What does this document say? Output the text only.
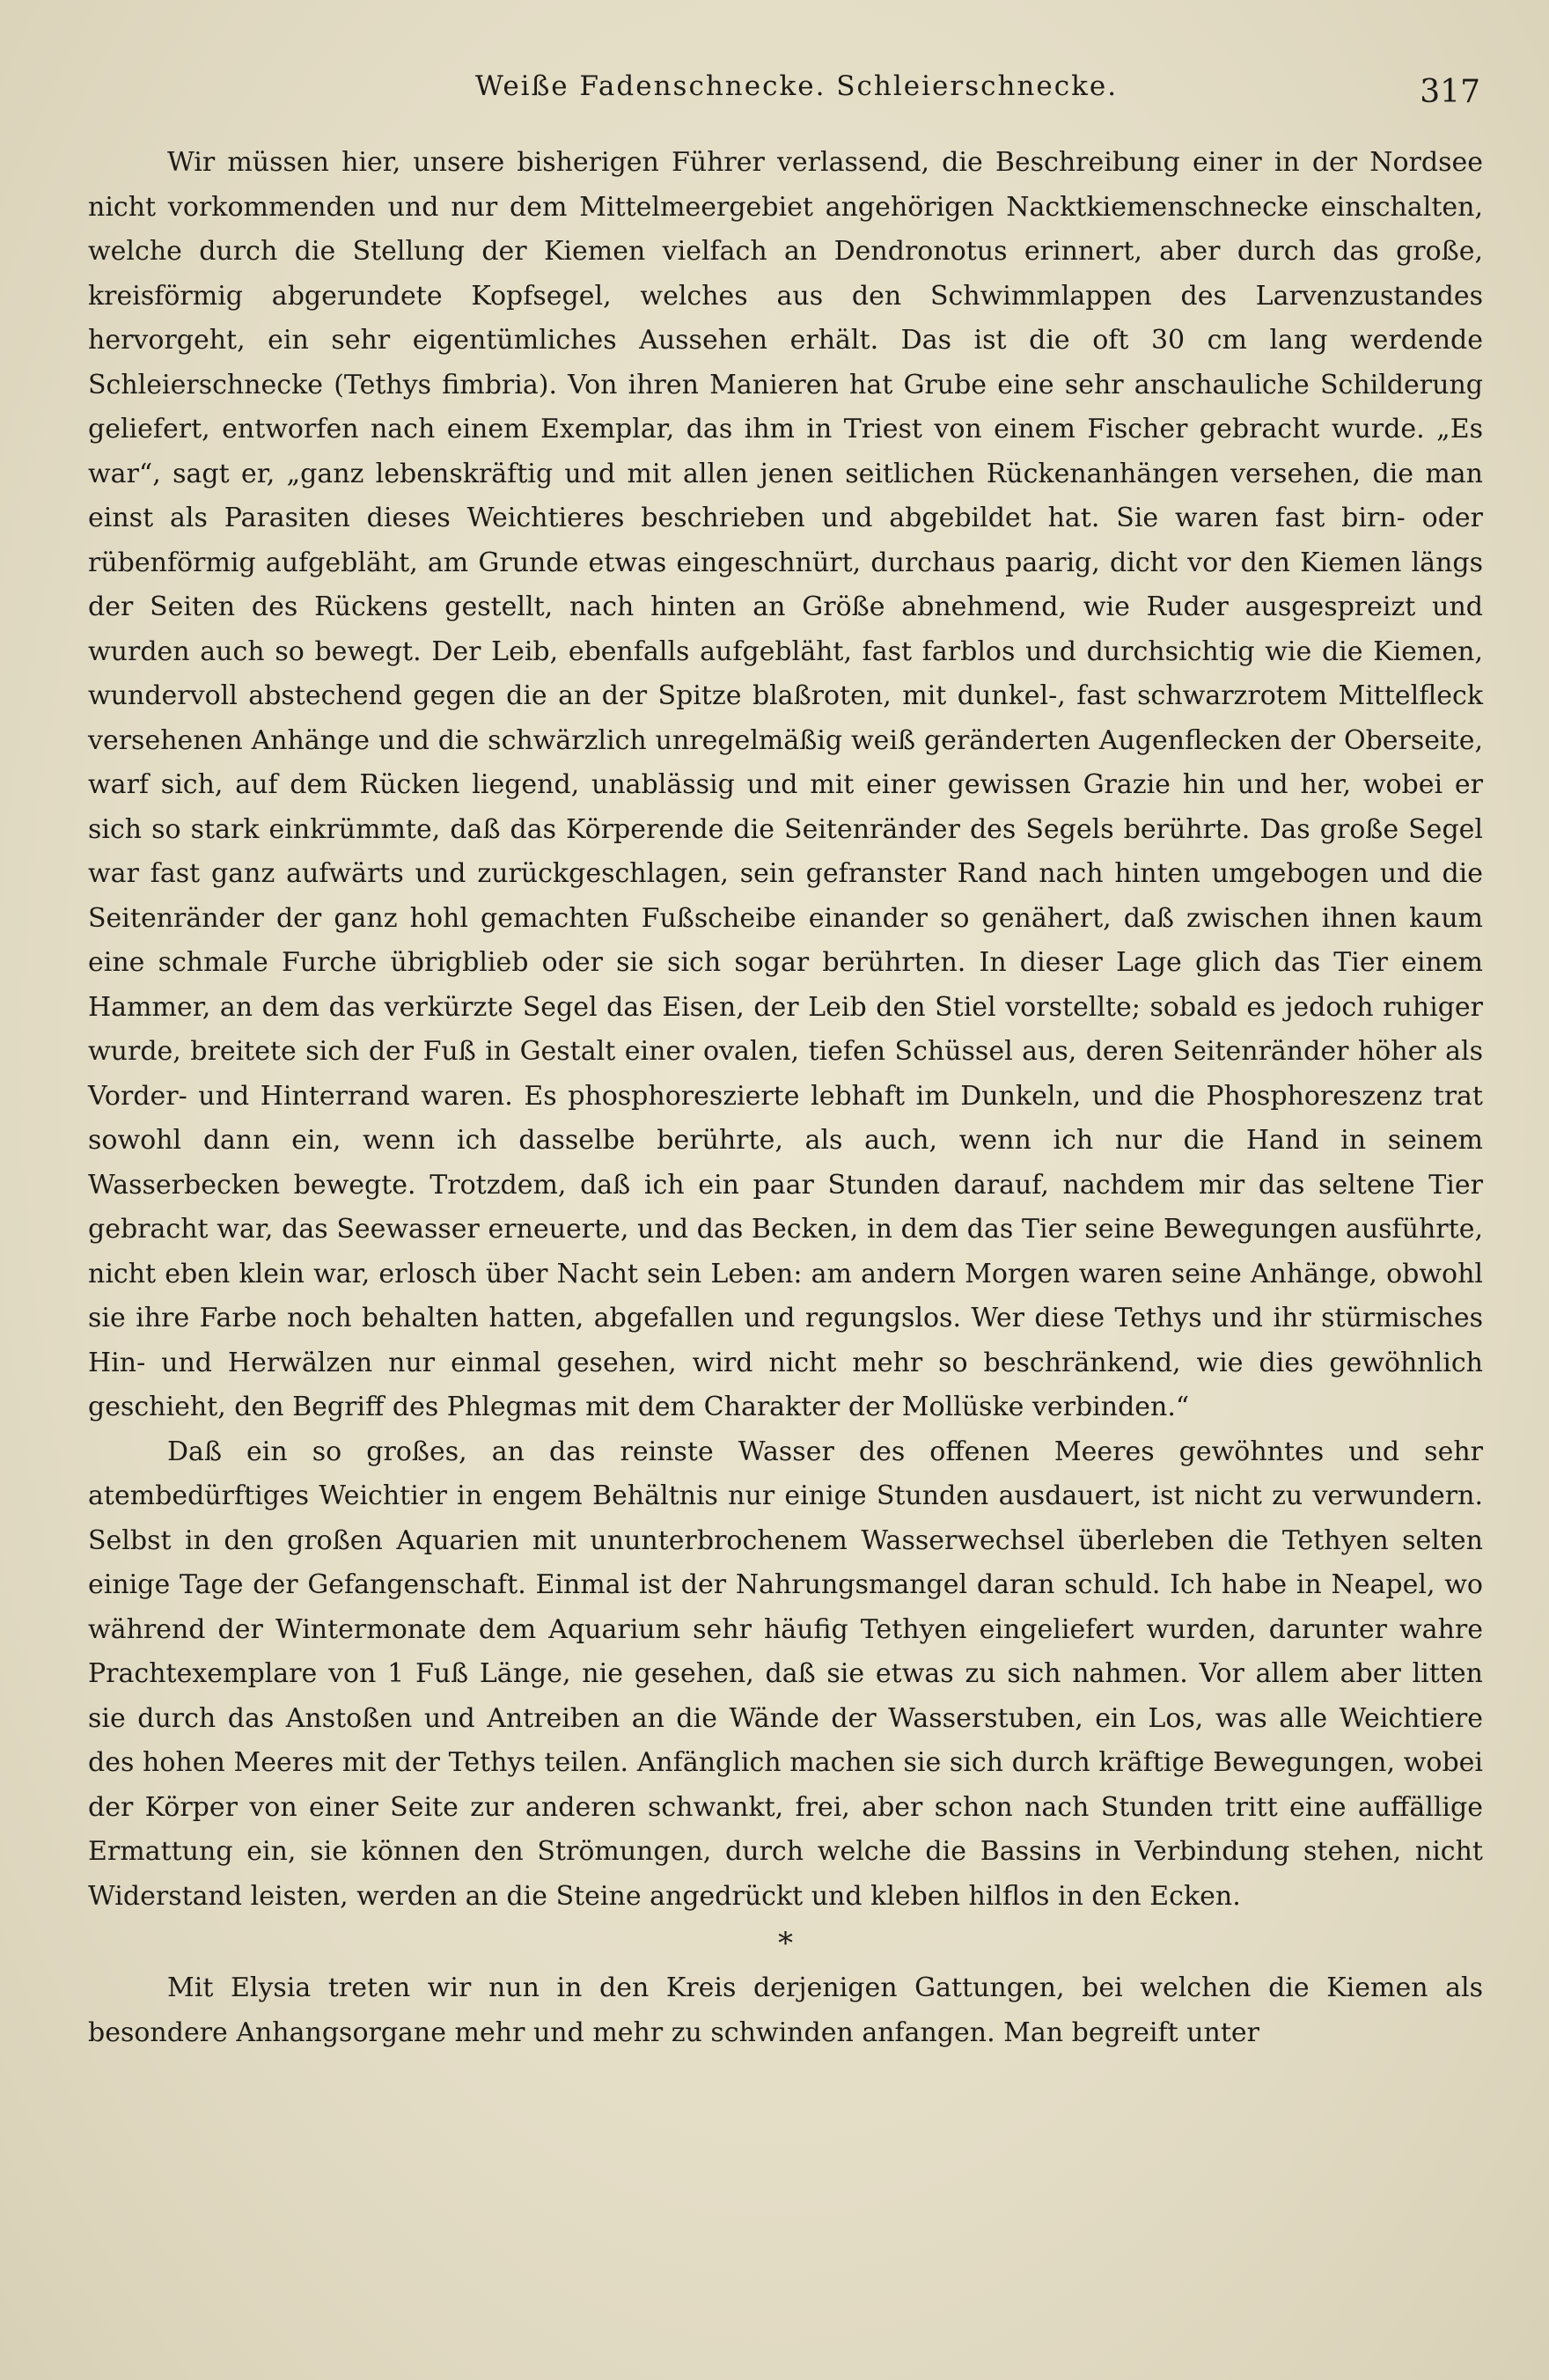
Weiße Fadenschnecke. Schleierschnecke.	317

Wir müssen hier, unsere bisherigen Führer verlassend, die Beschreibung einer in der Nordsee nicht vorkommenden und nur dem Mittelmeergebiet angehörigen Nacktkiemenschnecke einschalten, welche durch die Stellung der Kiemen vielfach an Dendronotus erinnert, aber durch das große, kreisförmig abgerundete Kopfsegel, welches aus den Schwimmlappen des Larvenzustandes hervorgeht, ein sehr eigentümliches Aussehen erhält. Das ist die oft 30 cm lang werdende Schleierschnecke (Tethys fimbria). Von ihren Manieren hat Grube eine sehr anschauliche Schilderung geliefert, entworfen nach einem Exemplar, das ihm in Triest von einem Fischer gebracht wurde. „Es war“, sagt er, „ganz lebenskräftig und mit allen jenen seitlichen Rückenanhängen versehen, die man einst als Parasiten dieses Weichtieres beschrieben und abgebildet hat. Sie waren fast birn- oder rübenförmig aufgebläht, am Grunde etwas eingeschnürt, durchaus paarig, dicht vor den Kiemen längs der Seiten des Rückens gestellt, nach hinten an Größe abnehmend, wie Ruder ausgespreizt und wurden auch so bewegt. Der Leib, ebenfalls aufgebläht, fast farblos und durchsichtig wie die Kiemen, wundervoll abstechend gegen die an der Spitze blaßroten, mit dunkel-, fast schwarzrotem Mittelfleck versehenen Anhänge und die schwärzlich unregelmäßig weiß geränderten Augenflecken der Oberseite, warf sich, auf dem Rücken liegend, unablässig und mit einer gewissen Grazie hin und her, wobei er sich so stark einkrümmte, daß das Körperende die Seitenränder des Segels berührte. Das große Segel war fast ganz aufwärts und zurückgeschlagen, sein gefranster Rand nach hinten umgebogen und die Seitenränder der ganz hohl gemachten Fußscheibe einander so genähert, daß zwischen ihnen kaum eine schmale Furche übrigblieb oder sie sich sogar berührten. In dieser Lage glich das Tier einem Hammer, an dem das verkürzte Segel das Eisen, der Leib den Stiel vorstellte; sobald es jedoch ruhiger wurde, breitete sich der Fuß in Gestalt einer ovalen, tiefen Schüssel aus, deren Seitenränder höher als Vorder- und Hinterrand waren. Es phosphoreszierte lebhaft im Dunkeln, und die Phosphoreszenz trat sowohl dann ein, wenn ich dasselbe berührte, als auch, wenn ich nur die Hand in seinem Wasserbecken bewegte. Trotzdem, daß ich ein paar Stunden darauf, nachdem mir das seltene Tier gebracht war, das Seewasser erneuerte, und das Becken, in dem das Tier seine Bewegungen ausführte, nicht eben klein war, erlosch über Nacht sein Leben: am andern Morgen waren seine Anhänge, obwohl sie ihre Farbe noch behalten hatten, abgefallen und regungslos. Wer diese Tethys und ihr stürmisches Hin- und Herwälzen nur einmal gesehen, wird nicht mehr so beschränkend, wie dies gewöhnlich geschieht, den Begriff des Phlegmas mit dem Charakter der Mollüske verbinden.“

Daß ein so großes, an das reinste Wasser des offenen Meeres gewöhntes und sehr atembedürftiges Weichtier in engem Behältnis nur einige Stunden ausdauert, ist nicht zu verwundern. Selbst in den großen Aquarien mit ununterbrochenem Wasserwechsel überleben die Tethyen selten einige Tage der Gefangenschaft. Einmal ist der Nahrungsmangel daran schuld. Ich habe in Neapel, wo während der Wintermonate dem Aquarium sehr häufig Tethyen eingeliefert wurden, darunter wahre Prachtexemplare von 1 Fuß Länge, nie gesehen, daß sie etwas zu sich nahmen. Vor allem aber litten sie durch das Anstoßen und Antreiben an die Wände der Wasserstuben, ein Los, was alle Weichtiere des hohen Meeres mit der Tethys teilen. Anfänglich machen sie sich durch kräftige Bewegungen, wobei der Körper von einer Seite zur anderen schwankt, frei, aber schon nach Stunden tritt eine auffällige Ermattung ein, sie können den Strömungen, durch welche die Bassins in Verbindung stehen, nicht Widerstand leisten, werden an die Steine angedrückt und kleben hilflos in den Ecken.

*

Mit Elysia treten wir nun in den Kreis derjenigen Gattungen, bei welchen die Kiemen als besondere Anhangsorgane mehr und mehr zu schwinden anfangen. Man begreift unter
